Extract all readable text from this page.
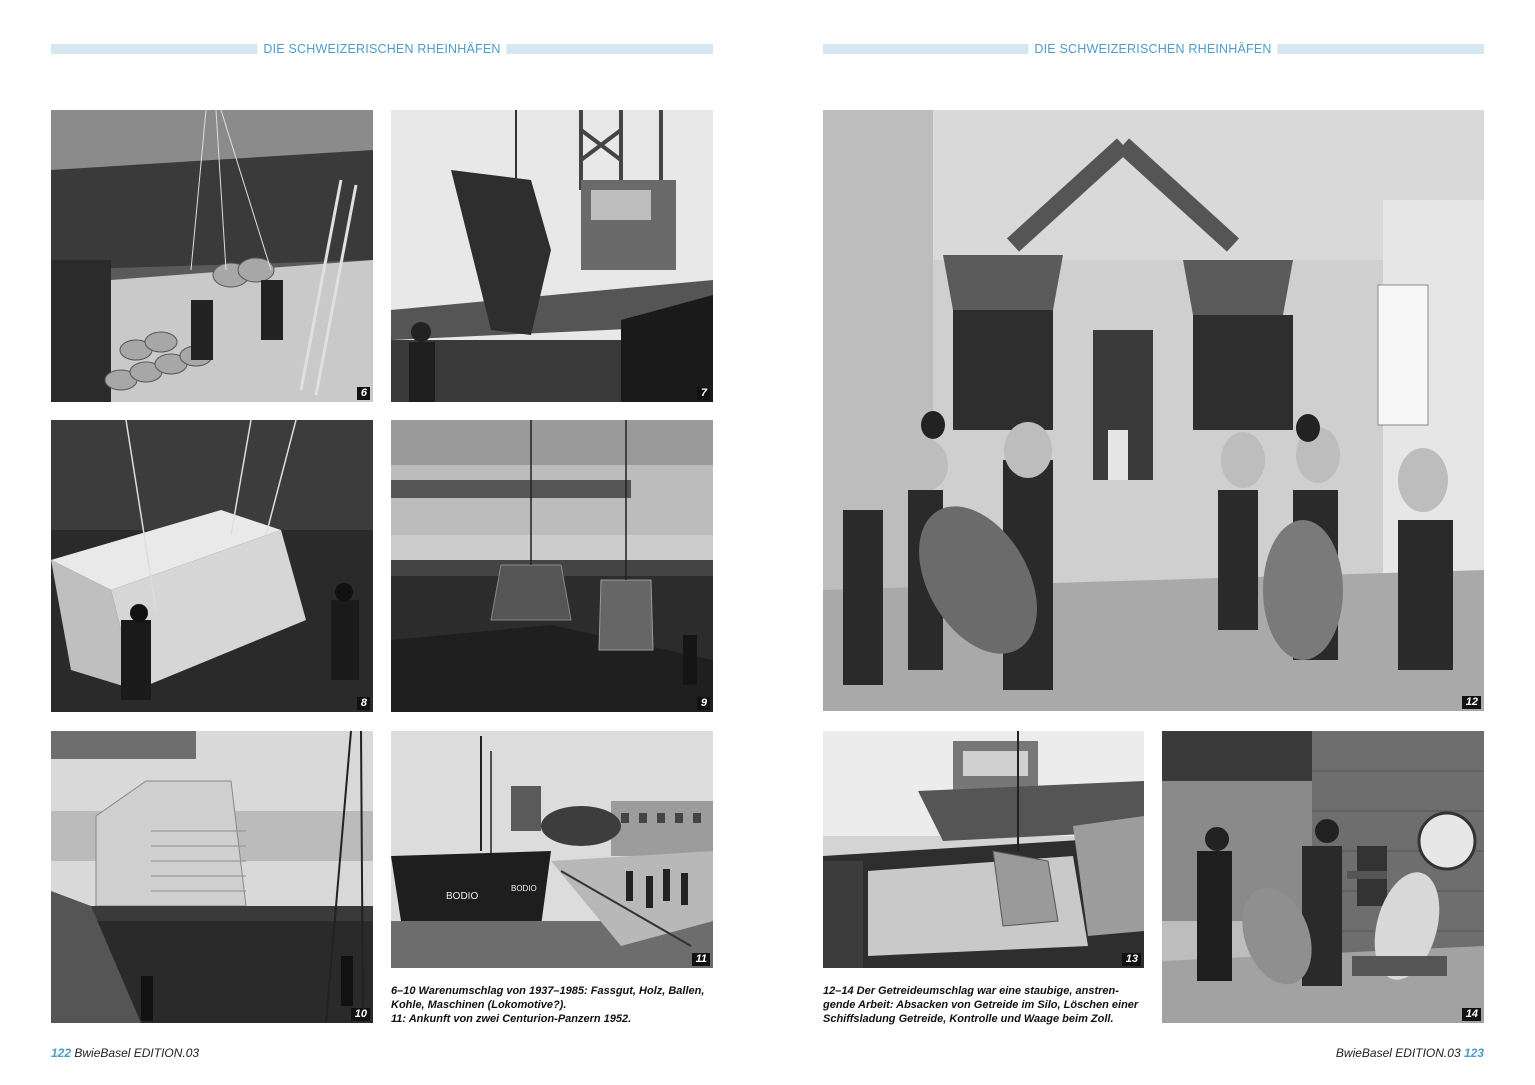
DIE SCHWEIZERISCHEN RHEINHÄFEN	DIE SCHWEIZERISCHEN RHEINHÄFEN
6	7
8	9
10
BODIO
BODIO
11
6–10 Warenumschlag von 1937–1985: Fassgut, Holz, Ballen,
Kohle, Maschinen (Lokomotive?).
11: Ankunft von zwei Centurion-Panzern 1952.
12
13
12–14 Der Getreideumschlag war eine staubige, anstren-
gende Arbeit: Absacken von Getreide im Silo, Löschen einer
Schiffsladung Getreide, Kontrolle und Waage beim Zoll.	14
122 BwieBasel EDITION.03	BwieBasel EDITION.03 123
